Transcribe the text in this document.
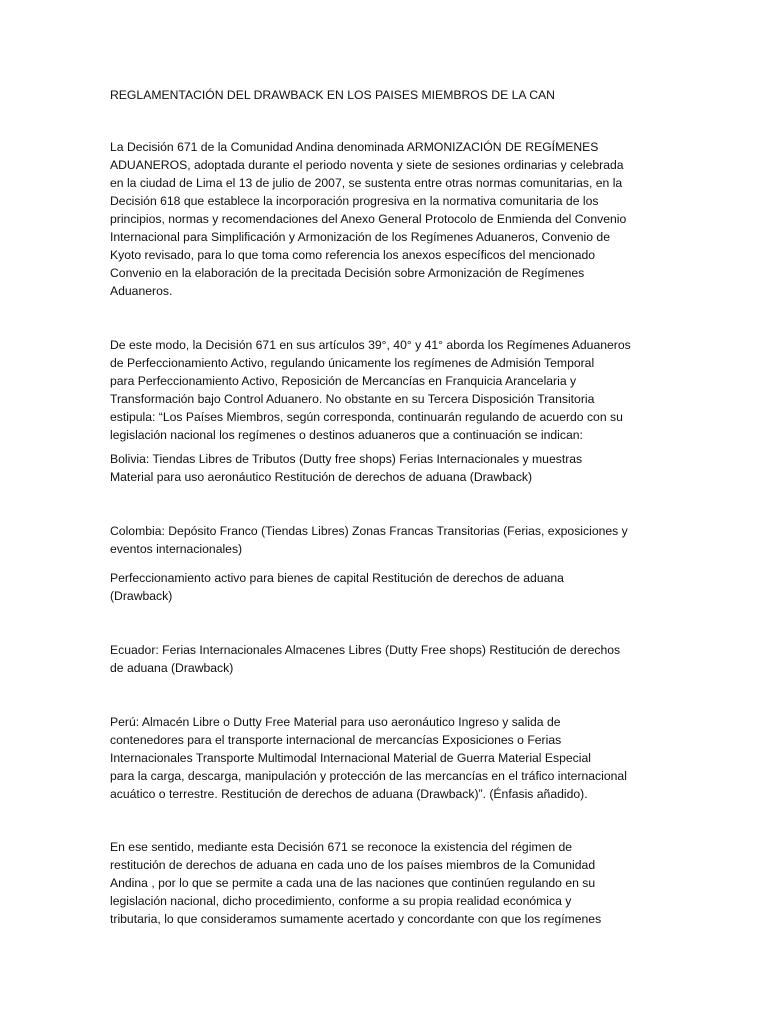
REGLAMENTACIÓN DEL DRAWBACK EN LOS PAISES MIEMBROS DE LA CAN

La Decisión 671 de la Comunidad Andina denominada ARMONIZACIÓN DE REGÍMENES
ADUANEROS, adoptada durante el periodo noventa y siete de sesiones ordinarias y celebrada
en la ciudad de Lima el 13 de julio de 2007, se sustenta entre otras normas comunitarias, en la
Decisión 618 que establece la incorporación progresiva en la normativa comunitaria de los
principios, normas y recomendaciones del Anexo General Protocolo de Enmienda del Convenio
Internacional para Simplificación y Armonización de los Regímenes Aduaneros, Convenio de
Kyoto revisado, para lo que toma como referencia los anexos específicos del mencionado
Convenio en la elaboración de la precitada Decisión sobre Armonización de Regímenes
Aduaneros.

De este modo, la Decisión 671 en sus artículos 39°, 40° y 41° aborda los Regímenes Aduaneros
de Perfeccionamiento Activo, regulando únicamente los regímenes de Admisión Temporal
para Perfeccionamiento Activo, Reposición de Mercancías en Franquicia Arancelaria y
Transformación bajo Control Aduanero. No obstante en su Tercera Disposición Transitoria
estipula: “Los Países Miembros, según corresponda, continuarán regulando de acuerdo con su
legislación nacional los regímenes o destinos aduaneros que a continuación se indican:

Bolivia: Tiendas Libres de Tributos (Dutty free shops) Ferias Internacionales y muestras
Material para uso aeronáutico Restitución de derechos de aduana (Drawback)

Colombia: Depósito Franco (Tiendas Libres) Zonas Francas Transitorias (Ferias, exposiciones y
eventos internacionales)

Perfeccionamiento activo para bienes de capital Restitución de derechos de aduana
(Drawback)

Ecuador: Ferias Internacionales Almacenes Libres (Dutty Free shops) Restitución de derechos
de aduana (Drawback)

Perú: Almacén Libre o Dutty Free Material para uso aeronáutico Ingreso y salida de
contenedores para el transporte internacional de mercancías Exposiciones o Ferias
Internacionales Transporte Multimodal Internacional Material de Guerra Material Especial
para la carga, descarga, manipulación y protección de las mercancías en el tráfico internacional
acuático o terrestre. Restitución de derechos de aduana (Drawback)”. (Énfasis añadido).

En ese sentido, mediante esta Decisión 671 se reconoce la existencia del régimen de
restitución de derechos de aduana en cada uno de los países miembros de la Comunidad
Andina , por lo que se permite a cada una de las naciones que continúen regulando en su
legislación nacional, dicho procedimiento, conforme a su propia realidad económica y
tributaria, lo que consideramos sumamente acertado y concordante con que los regímenes
